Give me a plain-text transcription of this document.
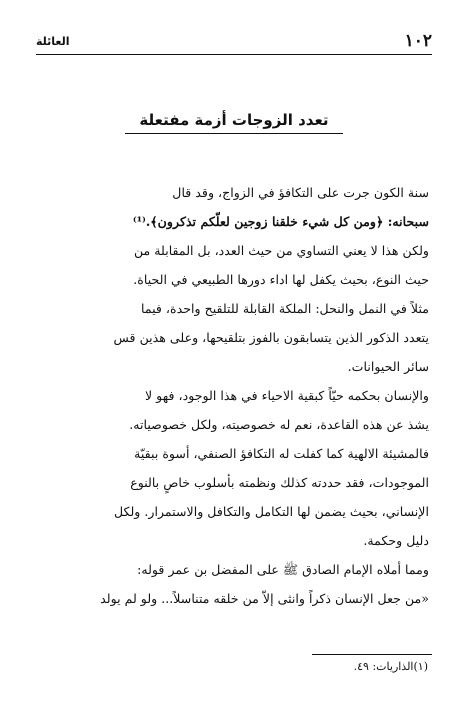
١٠٢
العائلة
تعدد الزوجات أزمة مفتعلة
سنة الكون جرت على التكافؤ في الزواج، وقد قال
سبحانه: ﴿ومن كل شيء خلقنا زوجين لعلّكم تذكرون﴾.⁽¹⁾
ولكن هذا لا يعني التساوي من حيث العدد، بل المقابلة من
حيث النوع، بحيث يكفل لها اداء دورها الطبيعي في الحياة.
مثلاً في النمل والنحل: الملكة القابلة للتلقيح واحدة، فيما
يتعدد الذكور الذين يتسابقون بالفوز بتلقيحها، وعلى هذين قس
سائر الحيوانات.
والإنسان بحكمه حيّاً كبقية الاحياء في هذا الوجود، فهو لا
يشذ عن هذه القاعدة، نعم له خصوصيته، ولكل خصوصياته.
فالمشيئة الالهية كما كفلت له التكافؤ الصنفي، أسوة ببقيّة
الموجودات، فقد حددته كذلك ونظمته بأسلوب خاصٍ بالنوع
الإنساني، بحيث يضمن لها التكامل والتكافل والاستمرار. ولكل
دليل وحكمة.
ومما أملاه الإمام الصادق ﷺ على المفضل بن عمر قوله:
«من جعل الإنسان ذكراً وانثى إلاّ من خلقه متناسلاً... ولو لم يولد
(١)الذاريات: ٤٩.
